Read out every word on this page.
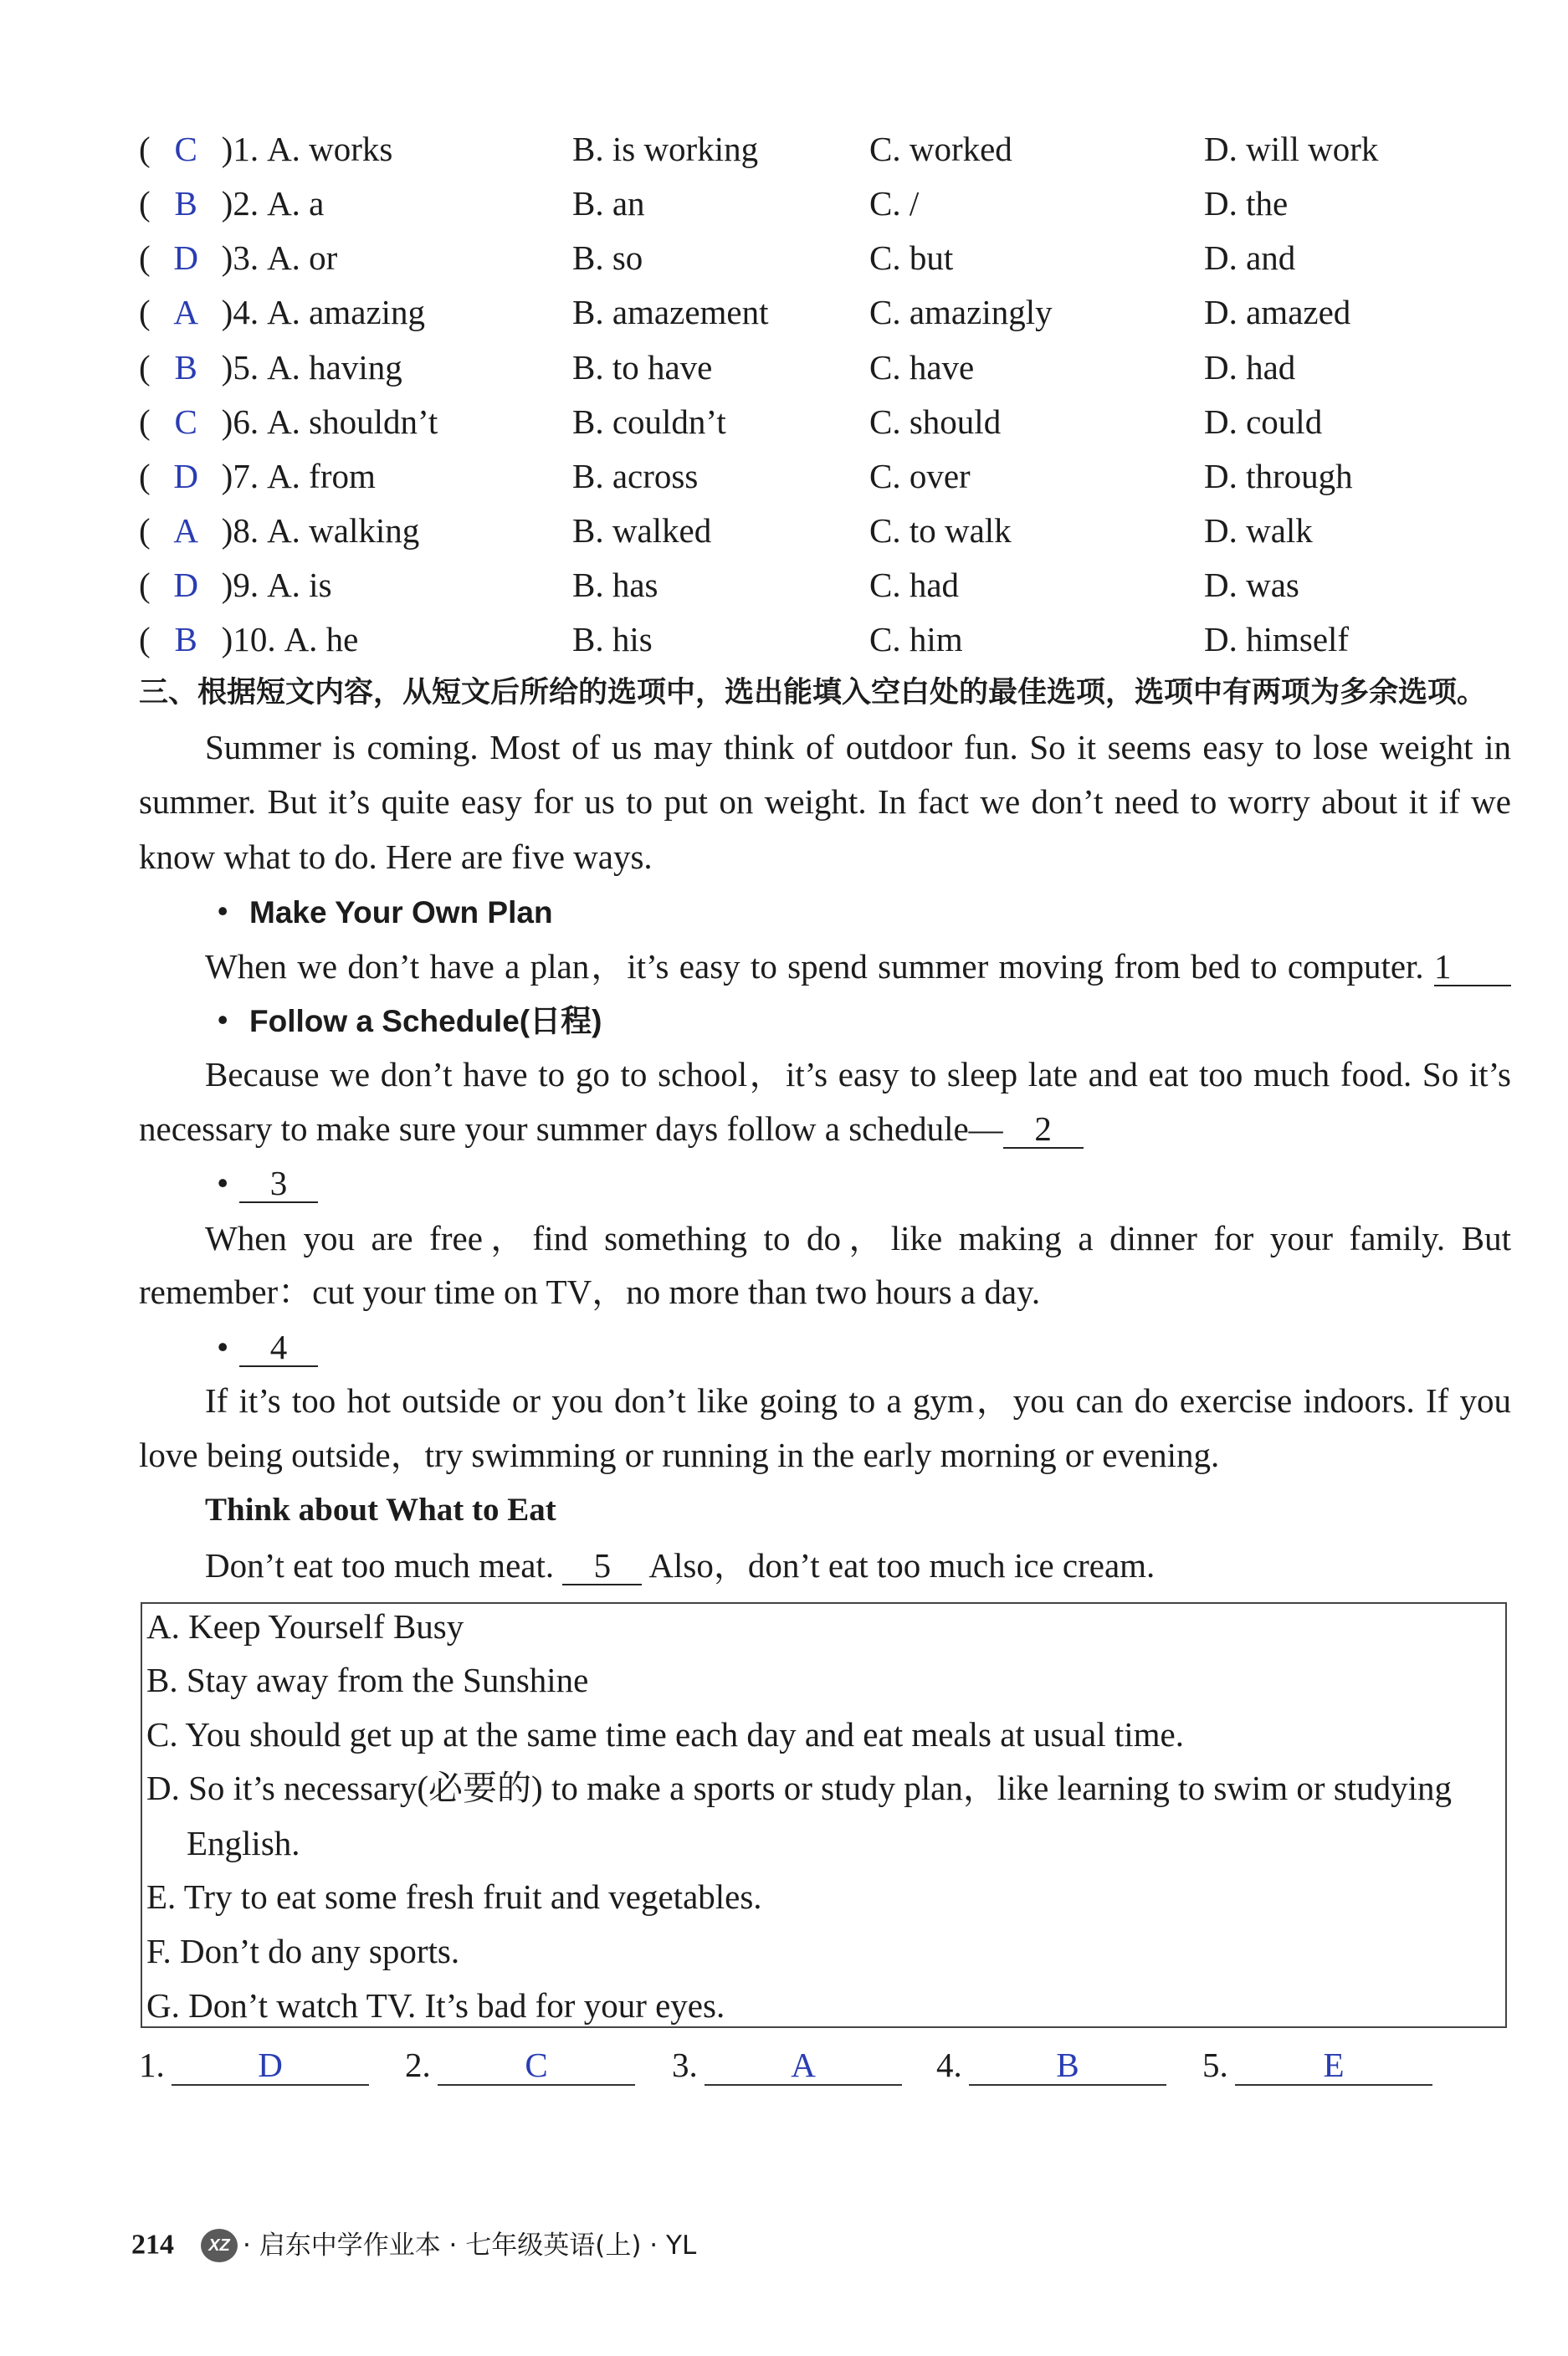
( C )1. A. works	B. is working	C. worked	D. will work
( B )2. A. a	B. an	C. /	D. the
( D )3. A. or	B. so	C. but	D. and
( A )4. A. amazing	B. amazement	C. amazingly	D. amazed
( B )5. A. having	B. to have	C. have	D. had
( C )6. A. shouldn’t	B. couldn’t	C. should	D. could
( D )7. A. from	B. across	C. over	D. through
( A )8. A. walking	B. walked	C. to walk	D. walk
( D )9. A. is	B. has	C. had	D. was
( B )10. A. he	B. his	C. him	D. himself
三、根据短文内容，从短文后所给的选项中，选出能填入空白处的最佳选项，选项中有两项为多余选项。
Summer is coming. Most of us may think of outdoor fun. So it seems easy to lose weight in
summer. But it’s quite easy for us to put on weight. In fact we don’t need to worry about it if we
know what to do. Here are five ways.
• Make Your Own Plan
When we don’t have a plan，it’s easy to spend summer moving from bed to computer. 1
• Follow a Schedule(日程)
Because we don’t have to go to school，it’s easy to sleep late and eat too much food. So it’s
necessary to make sure your summer days follow a schedule— 2
• 3
When you are free，find something to do，like making a dinner for your family. But
remember：cut your time on TV，no more than two hours a day.
• 4
If it’s too hot outside or you don’t like going to a gym，you can do exercise indoors. If you
love being outside，try swimming or running in the early morning or evening.
Think about What to Eat
Don’t eat too much meat. 5 Also，don’t eat too much ice cream.
A. Keep Yourself Busy
B. Stay away from the Sunshine
C. You should get up at the same time each day and eat meals at usual time.
D. So it’s necessary(必要的) to make a sports or study plan，like learning to swim or studying
English.
E. Try to eat some fresh fruit and vegetables.
F. Don’t do any sports.
G. Don’t watch TV. It’s bad for your eyes.
1.	D	2.	C	3.	A	4.	B	5.	E
214 XZ · 启东中学作业本 · 七年级英语(上) · YL
